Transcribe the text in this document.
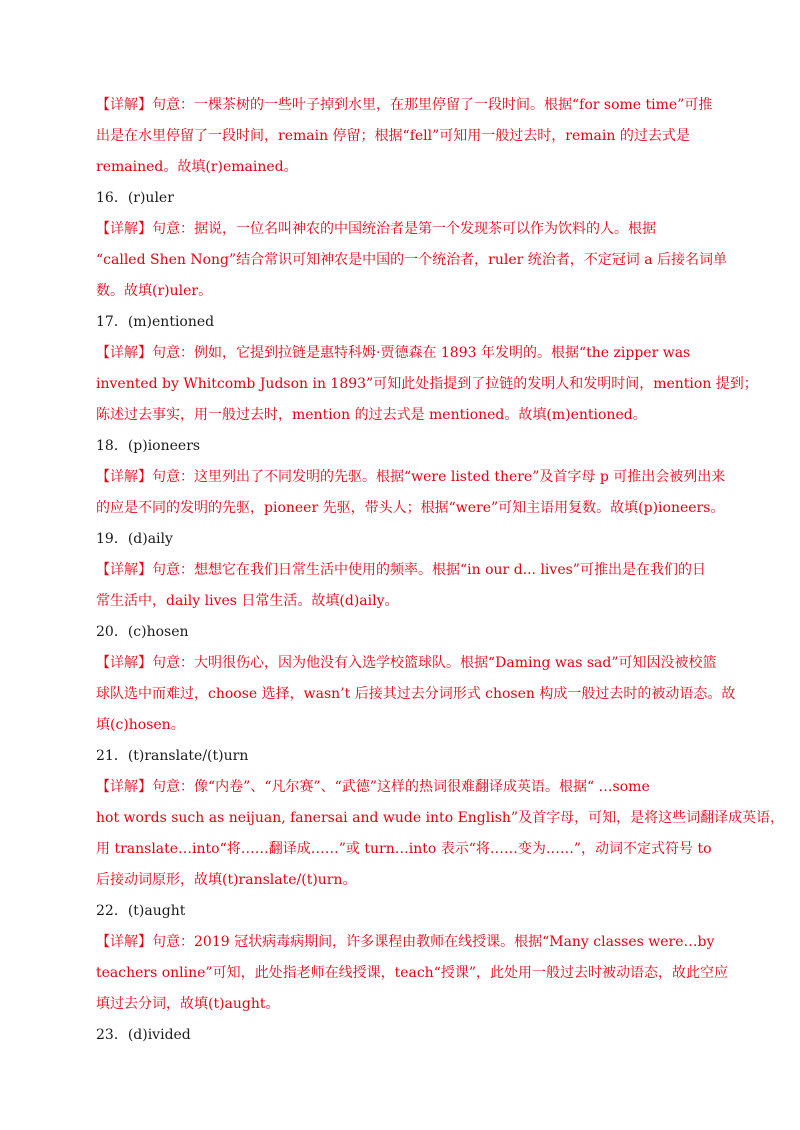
【详解】句意：一棵茶树的一些叶子掉到水里，在那里停留了一段时间。根据“for some time”可推
出是在水里停留了一段时间，remain 停留；根据“fell”可知用一般过去时，remain 的过去式是
remained。故填(r)emained。
16．(r)uler
【详解】句意：据说，一位名叫神农的中国统治者是第一个发现茶可以作为饮料的人。根据
“called Shen Nong”结合常识可知神农是中国的一个统治者，ruler 统治者，不定冠词 a 后接名词单
数。故填(r)uler。
17．(m)entioned
【详解】句意：例如，它提到拉链是惠特科姆·贾德森在 1893 年发明的。根据“the zipper was
invented by Whitcomb Judson in 1893”可知此处指提到了拉链的发明人和发明时间，mention 提到；
陈述过去事实，用一般过去时，mention 的过去式是 mentioned。故填(m)entioned。
18．(p)ioneers
【详解】句意：这里列出了不同发明的先驱。根据“were listed there”及首字母 p 可推出会被列出来
的应是不同的发明的先驱，pioneer 先驱，带头人；根据“were”可知主语用复数。故填(p)ioneers。
19．(d)aily
【详解】句意：想想它在我们日常生活中使用的频率。根据“in our d... lives”可推出是在我们的日
常生活中，daily lives 日常生活。故填(d)aily。
20．(c)hosen
【详解】句意：大明很伤心，因为他没有入选学校篮球队。根据“Daming was sad”可知因没被校篮
球队选中而难过，choose 选择，wasn’t 后接其过去分词形式 chosen 构成一般过去时的被动语态。故
填(c)hosen。
21．(t)ranslate/(t)urn
【详解】句意：像“内卷”、“凡尔赛”、“武德”这样的热词很难翻译成英语。根据“ …some
hot words such as neijuan, fanersai and wude into English”及首字母，可知，是将这些词翻译成英语，
用 translate…into“将……翻译成……”或 turn…into 表示“将……变为……”，动词不定式符号 to
后接动词原形，故填(t)ranslate/(t)urn。
22．(t)aught
【详解】句意：2019 冠状病毒病期间，许多课程由教师在线授课。根据“Many classes were…by
teachers online”可知，此处指老师在线授课，teach“授课”，此处用一般过去时被动语态，故此空应
填过去分词，故填(t)aught。
23．(d)ivided
